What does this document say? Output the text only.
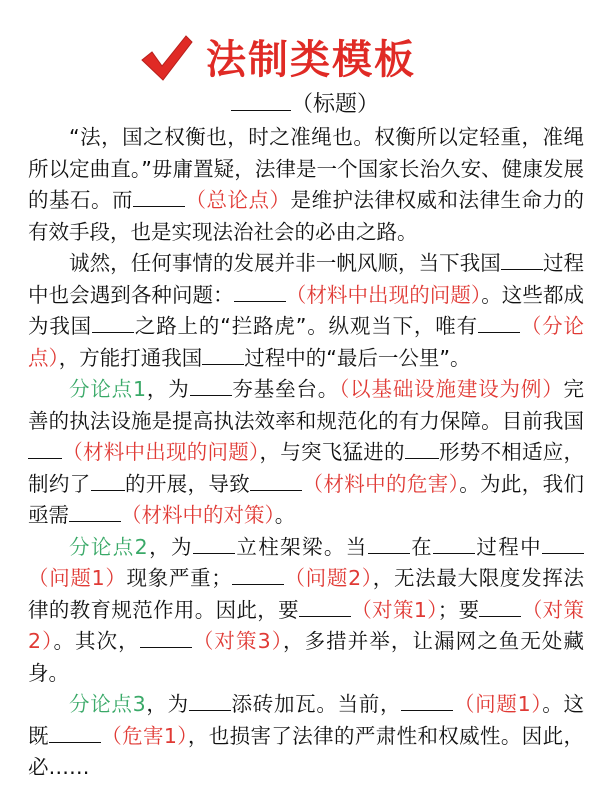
法制类模板
（标题）

“法，国之权衡也，时之准绳也。权衡所以定轻重，准绳所以定曲直。”毋庸置疑，法律是一个国家长治久安、健康发展的基石。而	（总论点）是维护法律权威和法律生命力的有效手段，也是实现法治社会的必由之路。

诚然，任何事情的发展并非一帆风顺，当下我国 过程中也会遇到各种问题：	（材料中出现的问题）。这些都成为我国 之路上的“拦路虎”。纵观当下，唯有 （分论点），方能打通我国 过程中的“最后一公里”。

分论点1，为 夯基垒台。（以基础设施建设为例）完善的执法设施是提高执法效率和规范化的有力保障。目前我国（材料中出现的问题），与突飞猛进的 形势不相适应，制约了 的开展，导致	（材料中的危害）。为此，我们亟需	（材料中的对策）。

分论点2，为 立柱架梁。当 在 过程中（问题1）现象严重；	（问题2），无法最大限度发挥法律的教育规范作用。因此，要	（对策1）；要 （对策2）。其次，	（对策3），多措并举，让漏网之鱼无处藏身。

分论点3，为 添砖加瓦。当前，	（问题1）。这既	（危害1），也损害了法律的严肃性和权威性。因此，必……
